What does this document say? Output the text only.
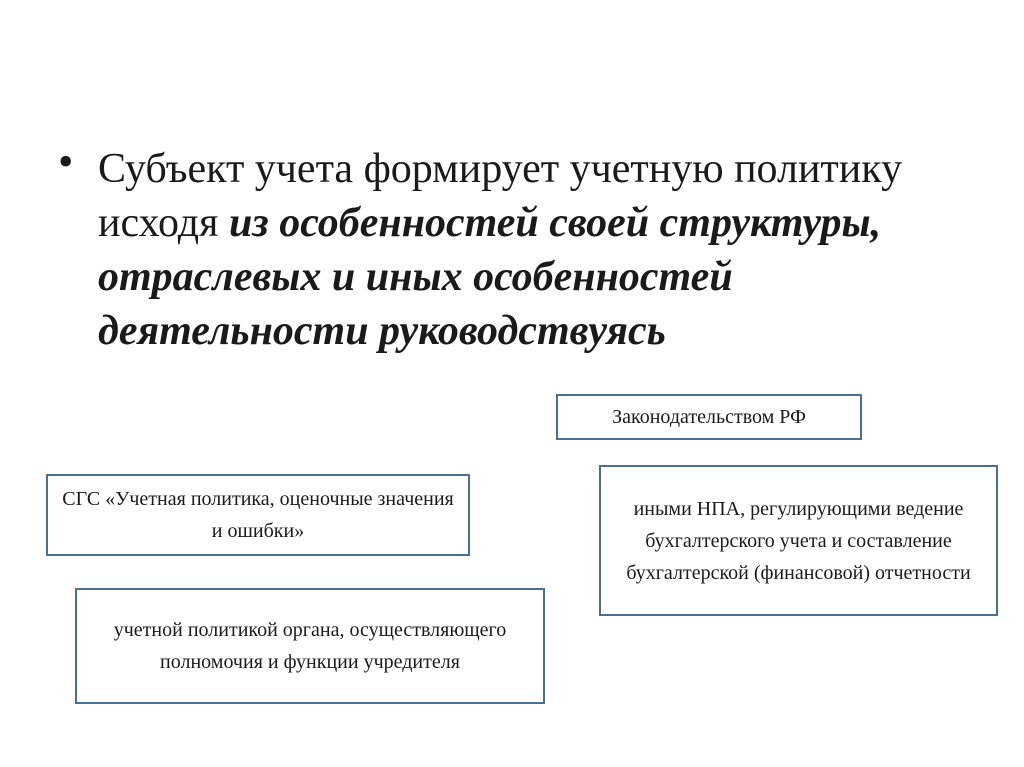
• Субъект учета формирует учетную политику исходя из особенностей своей структуры, отраслевых и иных особенностей деятельности руководствуясь
Законодательством РФ
СГС «Учетная политика, оценочные значения и ошибки»
иными НПА, регулирующими ведение бухгалтерского учета и составление бухгалтерской (финансовой) отчетности
учетной политикой органа, осуществляющего полномочия и функции учредителя
